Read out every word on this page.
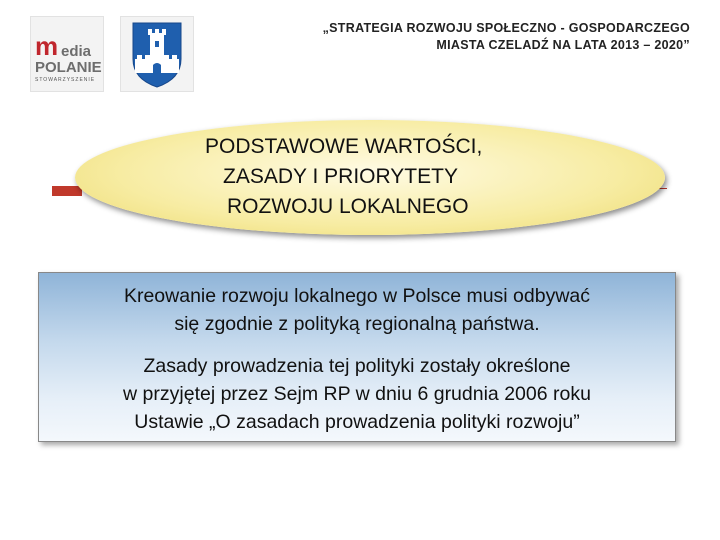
m edia
POLANIE
STOWARZYSZENIE
„STRATEGIA ROZWOJU SPOŁECZNO - GOSPODARCZEGO
MIASTA CZELADŹ NA LATA 2013 – 2020”
PODSTAWOWE WARTOŚCI,
ZASADY I PRIORYTETY
ROZWOJU LOKALNEGO
Kreowanie rozwoju lokalnego w Polsce musi odbywać
się zgodnie z polityką regionalną państwa.
Zasady prowadzenia tej polityki zostały określone
w przyjętej przez Sejm RP w dniu 6 grudnia 2006 roku
Ustawie „O zasadach prowadzenia polityki rozwoju”
